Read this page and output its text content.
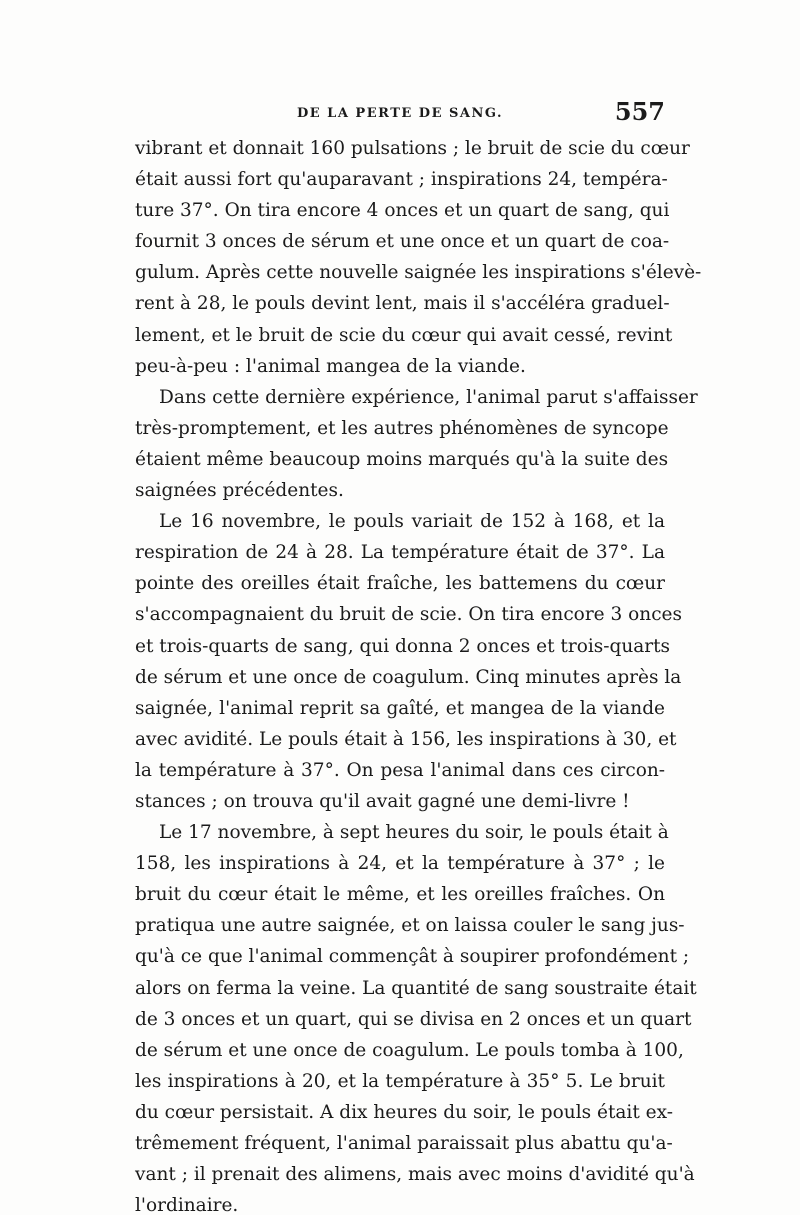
DE LA PERTE DE SANG.	557
vibrant et donnait 160 pulsations ; le bruit de scie du cœur
était aussi fort qu'auparavant ; inspirations 24, tempéra-
ture 37°. On tira encore 4 onces et un quart de sang, qui
fournit 3 onces de sérum et une once et un quart de coa-
gulum. Après cette nouvelle saignée les inspirations s'élevè-
rent à 28, le pouls devint lent, mais il s'accéléra graduel-
lement, et le bruit de scie du cœur qui avait cessé, revint
peu-à-peu : l'animal mangea de la viande.
Dans cette dernière expérience, l'animal parut s'affaisser
très-promptement, et les autres phénomènes de syncope
étaient même beaucoup moins marqués qu'à la suite des
saignées précédentes.
Le 16 novembre, le pouls variait de 152 à 168, et la
respiration de 24 à 28. La température était de 37°. La
pointe des oreilles était fraîche, les battemens du cœur
s'accompagnaient du bruit de scie. On tira encore 3 onces
et trois-quarts de sang, qui donna 2 onces et trois-quarts
de sérum et une once de coagulum. Cinq minutes après la
saignée, l'animal reprit sa gaîté, et mangea de la viande
avec avidité. Le pouls était à 156, les inspirations à 30, et
la température à 37°. On pesa l'animal dans ces circon-
stances ; on trouva qu'il avait gagné une demi-livre !
Le 17 novembre, à sept heures du soir, le pouls était à
158, les inspirations à 24, et la température à 37° ; le
bruit du cœur était le même, et les oreilles fraîches. On
pratiqua une autre saignée, et on laissa couler le sang jus-
qu'à ce que l'animal commençât à soupirer profondément ;
alors on ferma la veine. La quantité de sang soustraite était
de 3 onces et un quart, qui se divisa en 2 onces et un quart
de sérum et une once de coagulum. Le pouls tomba à 100,
les inspirations à 20, et la température à 35° 5. Le bruit
du cœur persistait. A dix heures du soir, le pouls était ex-
trêmement fréquent, l'animal paraissait plus abattu qu'a-
vant ; il prenait des alimens, mais avec moins d'avidité qu'à
l'ordinaire.
